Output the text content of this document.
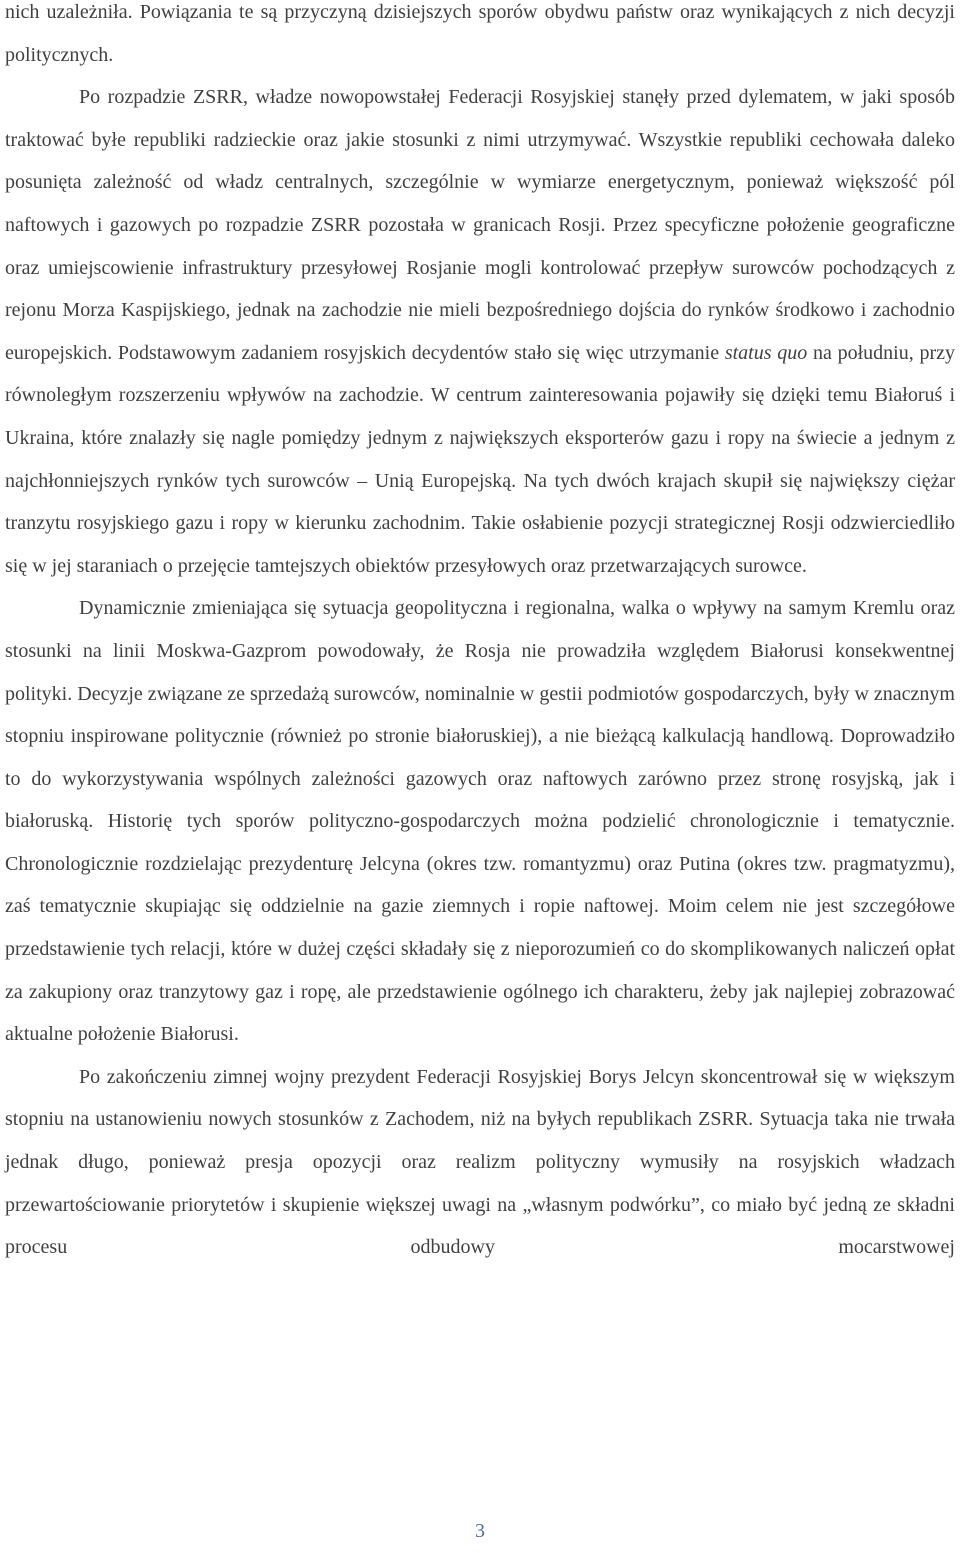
nich uzależniła. Powiązania te są przyczyną dzisiejszych sporów obydwu państw oraz wynikających z nich decyzji politycznych.

Po rozpadzie ZSRR, władze nowopowstałej Federacji Rosyjskiej stanęły przed dylematem, w jaki sposób traktować byłe republiki radzieckie oraz jakie stosunki z nimi utrzymywać. Wszystkie republiki cechowała daleko posunięta zależność od władz centralnych, szczególnie w wymiarze energetycznym, ponieważ większość pól naftowych i gazowych po rozpadzie ZSRR pozostała w granicach Rosji. Przez specyficzne położenie geograficzne oraz umiejscowienie infrastruktury przesyłowej Rosjanie mogli kontrolować przepływ surowców pochodzących z rejonu Morza Kaspijskiego, jednak na zachodzie nie mieli bezpośredniego dojścia do rynków środkowo i zachodnio europejskich. Podstawowym zadaniem rosyjskich decydentów stało się więc utrzymanie status quo na południu, przy równoległym rozszerzeniu wpływów na zachodzie. W centrum zainteresowania pojawiły się dzięki temu Białoruś i Ukraina, które znalazły się nagle pomiędzy jednym z największych eksporterów gazu i ropy na świecie a jednym z najchłonniejszych rynków tych surowców – Unią Europejską. Na tych dwóch krajach skupił się największy ciężar tranzytu rosyjskiego gazu i ropy w kierunku zachodnim. Takie osłabienie pozycji strategicznej Rosji odzwierciedliło się w jej staraniach o przejęcie tamtejszych obiektów przesyłowych oraz przetwarzających surowce.

Dynamicznie zmieniająca się sytuacja geopolityczna i regionalna, walka o wpływy na samym Kremlu oraz stosunki na linii Moskwa-Gazprom powodowały, że Rosja nie prowadziła względem Białorusi konsekwentnej polityki. Decyzje związane ze sprzedażą surowców, nominalnie w gestii podmiotów gospodarczych, były w znacznym stopniu inspirowane politycznie (również po stronie białoruskiej), a nie bieżącą kalkulacją handlową. Doprowadziło to do wykorzystywania wspólnych zależności gazowych oraz naftowych zarówno przez stronę rosyjską, jak i białoruską. Historię tych sporów polityczno-gospodarczych można podzielić chronologicznie i tematycznie. Chronologicznie rozdzielając prezydenturę Jelcyna (okres tzw. romantyzmu) oraz Putina (okres tzw. pragmatyzmu), zaś tematycznie skupiając się oddzielnie na gazie ziemnych i ropie naftowej. Moim celem nie jest szczegółowe przedstawienie tych relacji, które w dużej części składały się z nieporozumień co do skomplikowanych naliczeń opłat za zakupiony oraz tranzytowy gaz i ropę, ale przedstawienie ogólnego ich charakteru, żeby jak najlepiej zobrazować aktualne położenie Białorusi.

Po zakończeniu zimnej wojny prezydent Federacji Rosyjskiej Borys Jelcyn skoncentrował się w większym stopniu na ustanowieniu nowych stosunków z Zachodem, niż na byłych republikach ZSRR. Sytuacja taka nie trwała jednak długo, ponieważ presja opozycji oraz realizm polityczny wymusiły na rosyjskich władzach przewartościowanie priorytetów i skupienie większej uwagi na „własnym podwórku”, co miało być jedną ze składni procesu odbudowy mocarstwowej

3
